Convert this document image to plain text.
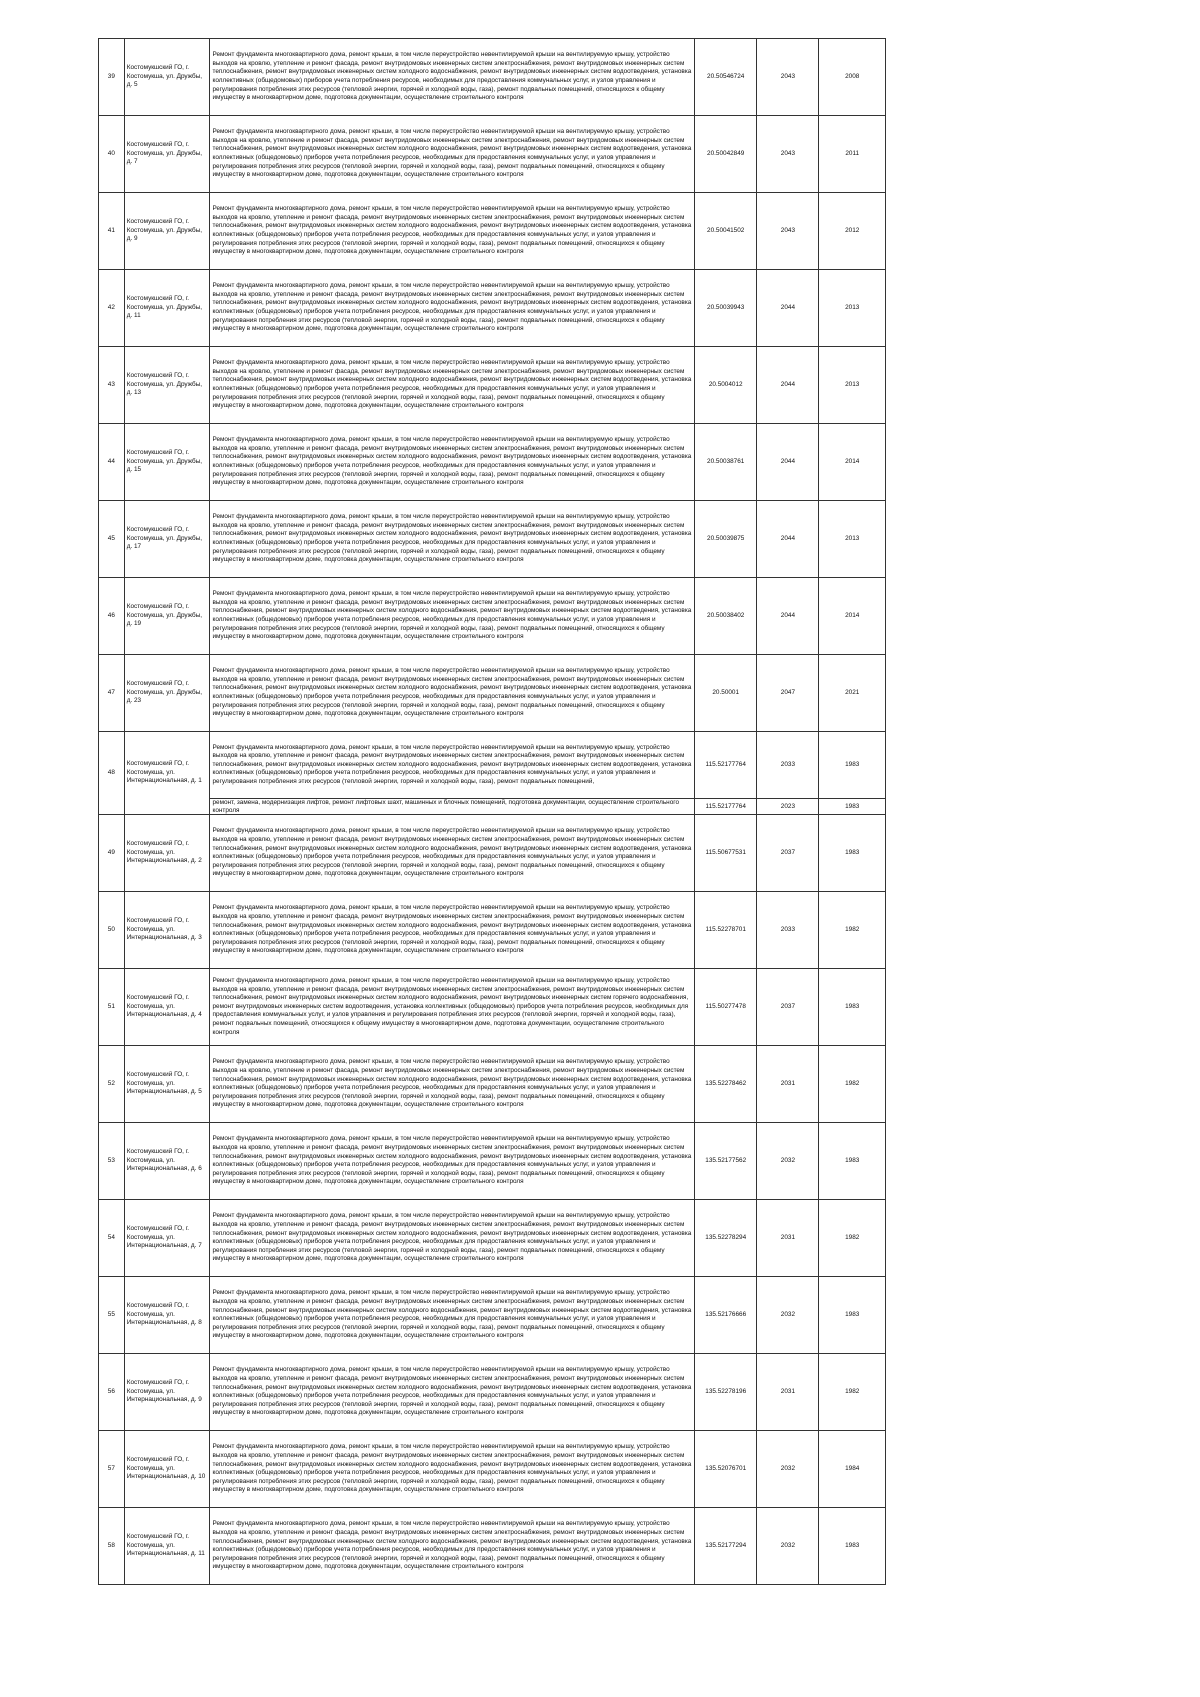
39	Костомукшский ГО, г. Костомукша, ул. Дружбы, д. 5	Ремонт фундамента многоквартирного дома, ремонт крыши, в том числе переустройство невентилируемой крыши на вентилируемую крышу, устройство выходов на кровлю, утепление и ремонт фасада, ремонт внутридомовых инженерных систем электроснабжения, ремонт внутридомовых инженерных систем теплоснабжения, ремонт внутридомовых инженерных систем холодного водоснабжения, ремонт внутридомовых инженерных систем водоотведения, установка коллективных (общедомовых) приборов учета потребления ресурсов, необходимых для предоставления коммунальных услуг, и узлов управления и регулирования потребления этих ресурсов (тепловой энергии, горячей и холодной воды, газа), ремонт подвальных помещений, относящихся к общему имуществу в многоквартирном доме, подготовка документации, осуществление строительного контроля	20.50546724	2043	2008
40	Костомукшский ГО, г. Костомукша, ул. Дружбы, д. 7	Ремонт фундамента многоквартирного дома, ремонт крыши, в том числе переустройство невентилируемой крыши на вентилируемую крышу, устройство выходов на кровлю, утепление и ремонт фасада, ремонт внутридомовых инженерных систем электроснабжения, ремонт внутридомовых инженерных систем теплоснабжения, ремонт внутридомовых инженерных систем холодного водоснабжения, ремонт внутридомовых инженерных систем водоотведения, установка коллективных (общедомовых) приборов учета потребления ресурсов, необходимых для предоставления коммунальных услуг, и узлов управления и регулирования потребления этих ресурсов (тепловой энергии, горячей и холодной воды, газа), ремонт подвальных помещений, относящихся к общему имуществу в многоквартирном доме, подготовка документации, осуществление строительного контроля	20.50042849	2043	2011
41	Костомукшский ГО, г. Костомукша, ул. Дружбы, д. 9	Ремонт фундамента многоквартирного дома, ремонт крыши, в том числе переустройство невентилируемой крыши на вентилируемую крышу, устройство выходов на кровлю, утепление и ремонт фасада, ремонт внутридомовых инженерных систем электроснабжения, ремонт внутридомовых инженерных систем теплоснабжения, ремонт внутридомовых инженерных систем холодного водоснабжения, ремонт внутридомовых инженерных систем водоотведения, установка коллективных (общедомовых) приборов учета потребления ресурсов, необходимых для предоставления коммунальных услуг, и узлов управления и регулирования потребления этих ресурсов (тепловой энергии, горячей и холодной воды, газа), ремонт подвальных помещений, относящихся к общему имуществу в многоквартирном доме, подготовка документации, осуществление строительного контроля	20.50041502	2043	2012
42	Костомукшский ГО, г. Костомукша, ул. Дружбы, д. 11	Ремонт фундамента многоквартирного дома, ремонт крыши, в том числе переустройство невентилируемой крыши на вентилируемую крышу, устройство выходов на кровлю, утепление и ремонт фасада, ремонт внутридомовых инженерных систем электроснабжения, ремонт внутридомовых инженерных систем теплоснабжения, ремонт внутридомовых инженерных систем холодного водоснабжения, ремонт внутридомовых инженерных систем водоотведения, установка коллективных (общедомовых) приборов учета потребления ресурсов, необходимых для предоставления коммунальных услуг, и узлов управления и регулирования потребления этих ресурсов (тепловой энергии, горячей и холодной воды, газа), ремонт подвальных помещений, относящихся к общему имуществу в многоквартирном доме, подготовка документации, осуществление строительного контроля	20.50039943	2044	2013
43	Костомукшский ГО, г. Костомукша, ул. Дружбы, д. 13	Ремонт фундамента многоквартирного дома, ремонт крыши, в том числе переустройство невентилируемой крыши на вентилируемую крышу, устройство выходов на кровлю, утепление и ремонт фасада, ремонт внутридомовых инженерных систем электроснабжения, ремонт внутридомовых инженерных систем теплоснабжения, ремонт внутридомовых инженерных систем холодного водоснабжения, ремонт внутридомовых инженерных систем водоотведения, установка коллективных (общедомовых) приборов учета потребления ресурсов, необходимых для предоставления коммунальных услуг, и узлов управления и регулирования потребления этих ресурсов (тепловой энергии, горячей и холодной воды, газа), ремонт подвальных помещений, относящихся к общему имуществу в многоквартирном доме, подготовка документации, осуществление строительного контроля	20.5004012	2044	2013
44	Костомукшский ГО, г. Костомукша, ул. Дружбы, д. 15	Ремонт фундамента многоквартирного дома, ремонт крыши, в том числе переустройство невентилируемой крыши на вентилируемую крышу, устройство выходов на кровлю, утепление и ремонт фасада, ремонт внутридомовых инженерных систем электроснабжения, ремонт внутридомовых инженерных систем теплоснабжения, ремонт внутридомовых инженерных систем холодного водоснабжения, ремонт внутридомовых инженерных систем водоотведения, установка коллективных (общедомовых) приборов учета потребления ресурсов, необходимых для предоставления коммунальных услуг, и узлов управления и регулирования потребления этих ресурсов (тепловой энергии, горячей и холодной воды, газа), ремонт подвальных помещений, относящихся к общему имуществу в многоквартирном доме, подготовка документации, осуществление строительного контроля	20.50038761	2044	2014
45	Костомукшский ГО, г. Костомукша, ул. Дружбы, д. 17	Ремонт фундамента многоквартирного дома, ремонт крыши, в том числе переустройство невентилируемой крыши на вентилируемую крышу, устройство выходов на кровлю, утепление и ремонт фасада, ремонт внутридомовых инженерных систем электроснабжения, ремонт внутридомовых инженерных систем теплоснабжения, ремонт внутридомовых инженерных систем холодного водоснабжения, ремонт внутридомовых инженерных систем водоотведения, установка коллективных (общедомовых) приборов учета потребления ресурсов, необходимых для предоставления коммунальных услуг, и узлов управления и регулирования потребления этих ресурсов (тепловой энергии, горячей и холодной воды, газа), ремонт подвальных помещений, относящихся к общему имуществу в многоквартирном доме, подготовка документации, осуществление строительного контроля	20.50039875	2044	2013
46	Костомукшский ГО, г. Костомукша, ул. Дружбы, д. 19	Ремонт фундамента многоквартирного дома, ремонт крыши, в том числе переустройство невентилируемой крыши на вентилируемую крышу, устройство выходов на кровлю, утепление и ремонт фасада, ремонт внутридомовых инженерных систем электроснабжения, ремонт внутридомовых инженерных систем теплоснабжения, ремонт внутридомовых инженерных систем холодного водоснабжения, ремонт внутридомовых инженерных систем водоотведения, установка коллективных (общедомовых) приборов учета потребления ресурсов, необходимых для предоставления коммунальных услуг, и узлов управления и регулирования потребления этих ресурсов (тепловой энергии, горячей и холодной воды, газа), ремонт подвальных помещений, относящихся к общему имуществу в многоквартирном доме, подготовка документации, осуществление строительного контроля	20.50038402	2044	2014
47	Костомукшский ГО, г. Костомукша, ул. Дружбы, д. 23	Ремонт фундамента многоквартирного дома, ремонт крыши, в том числе переустройство невентилируемой крыши на вентилируемую крышу, устройство выходов на кровлю, утепление и ремонт фасада, ремонт внутридомовых инженерных систем электроснабжения, ремонт внутридомовых инженерных систем теплоснабжения, ремонт внутридомовых инженерных систем холодного водоснабжения, ремонт внутридомовых инженерных систем водоотведения, установка коллективных (общедомовых) приборов учета потребления ресурсов, необходимых для предоставления коммунальных услуг, и узлов управления и регулирования потребления этих ресурсов (тепловой энергии, горячей и холодной воды, газа), ремонт подвальных помещений, относящихся к общему имуществу в многоквартирном доме, подготовка документации, осуществление строительного контроля	20.50001	2047	2021
48	Костомукшский ГО, г. Костомукша, ул. Интернациональная, д. 1	Ремонт фундамента многоквартирного дома, ремонт крыши, в том числе переустройство невентилируемой крыши на вентилируемую крышу, устройство выходов на кровлю, утепление и ремонт фасада, ремонт внутридомовых инженерных систем электроснабжения, ремонт внутридомовых инженерных систем теплоснабжения, ремонт внутридомовых инженерных систем холодного водоснабжения, ремонт внутридомовых инженерных систем водоотведения, установка коллективных (общедомовых) приборов учета потребления ресурсов, необходимых для предоставления коммунальных услуг, и узлов управления и регулирования потребления этих ресурсов (тепловой энергии, горячей и холодной воды, газа), ремонт подвальных помещений,	115.52177764	2033	1983
		ремонт, замена, модернизация лифтов, ремонт лифтовых шахт, машинных и блочных помещений, подготовка документации, осуществление строительного контроля	115.52177764	2023	1983
49	Костомукшский ГО, г. Костомукша, ул. Интернациональная, д. 2	Ремонт фундамента многоквартирного дома, ремонт крыши, в том числе переустройство невентилируемой крыши на вентилируемую крышу, устройство выходов на кровлю, утепление и ремонт фасада, ремонт внутридомовых инженерных систем электроснабжения, ремонт внутридомовых инженерных систем теплоснабжения, ремонт внутридомовых инженерных систем холодного водоснабжения, ремонт внутридомовых инженерных систем водоотведения, установка коллективных (общедомовых) приборов учета потребления ресурсов, необходимых для предоставления коммунальных услуг, и узлов управления и регулирования потребления этих ресурсов (тепловой энергии, горячей и холодной воды, газа), ремонт подвальных помещений, относящихся к общему имуществу в многоквартирном доме, подготовка документации, осуществление строительного контроля	115.50677531	2037	1983
50	Костомукшский ГО, г. Костомукша, ул. Интернациональная, д. 3	Ремонт фундамента многоквартирного дома, ремонт крыши, в том числе переустройство невентилируемой крыши на вентилируемую крышу, устройство выходов на кровлю, утепление и ремонт фасада, ремонт внутридомовых инженерных систем электроснабжения, ремонт внутридомовых инженерных систем теплоснабжения, ремонт внутридомовых инженерных систем холодного водоснабжения, ремонт внутридомовых инженерных систем водоотведения, установка коллективных (общедомовых) приборов учета потребления ресурсов, необходимых для предоставления коммунальных услуг, и узлов управления и регулирования потребления этих ресурсов (тепловой энергии, горячей и холодной воды, газа), ремонт подвальных помещений, относящихся к общему имуществу в многоквартирном доме, подготовка документации, осуществление строительного контроля	115.52278701	2033	1982
51	Костомукшский ГО, г. Костомукша, ул. Интернациональная, д. 4	Ремонт фундамента многоквартирного дома, ремонт крыши, в том числе переустройство невентилируемой крыши на вентилируемую крышу, устройство выходов на кровлю, утепление и ремонт фасада, ремонт внутридомовых инженерных систем электроснабжения, ремонт внутридомовых инженерных систем теплоснабжения, ремонт внутридомовых инженерных систем холодного водоснабжения, ремонт внутридомовых инженерных систем горячего водоснабжения, ремонт внутридомовых инженерных систем водоотведения, установка коллективных (общедомовых) приборов учета потребления ресурсов, необходимых для предоставления коммунальных услуг, и узлов управления и регулирования потребления этих ресурсов (тепловой энергии, горячей и холодной воды, газа), ремонт подвальных помещений, относящихся к общему имуществу в многоквартирном доме, подготовка документации, осуществление строительного контроля	115.50277478	2037	1983
52	Костомукшский ГО, г. Костомукша, ул. Интернациональная, д. 5	Ремонт фундамента многоквартирного дома, ремонт крыши, в том числе переустройство невентилируемой крыши на вентилируемую крышу, устройство выходов на кровлю, утепление и ремонт фасада, ремонт внутридомовых инженерных систем электроснабжения, ремонт внутридомовых инженерных систем теплоснабжения, ремонт внутридомовых инженерных систем холодного водоснабжения, ремонт внутридомовых инженерных систем водоотведения, установка коллективных (общедомовых) приборов учета потребления ресурсов, необходимых для предоставления коммунальных услуг, и узлов управления и регулирования потребления этих ресурсов (тепловой энергии, горячей и холодной воды, газа), ремонт подвальных помещений, относящихся к общему имуществу в многоквартирном доме, подготовка документации, осуществление строительного контроля	135.52278462	2031	1982
53	Костомукшский ГО, г. Костомукша, ул. Интернациональная, д. 6	Ремонт фундамента многоквартирного дома, ремонт крыши, в том числе переустройство невентилируемой крыши на вентилируемую крышу, устройство выходов на кровлю, утепление и ремонт фасада, ремонт внутридомовых инженерных систем электроснабжения, ремонт внутридомовых инженерных систем теплоснабжения, ремонт внутридомовых инженерных систем холодного водоснабжения, ремонт внутридомовых инженерных систем водоотведения, установка коллективных (общедомовых) приборов учета потребления ресурсов, необходимых для предоставления коммунальных услуг, и узлов управления и регулирования потребления этих ресурсов (тепловой энергии, горячей и холодной воды, газа), ремонт подвальных помещений, относящихся к общему имуществу в многоквартирном доме, подготовка документации, осуществление строительного контроля	135.52177562	2032	1983
54	Костомукшский ГО, г. Костомукша, ул. Интернациональная, д. 7	Ремонт фундамента многоквартирного дома, ремонт крыши, в том числе переустройство невентилируемой крыши на вентилируемую крышу, устройство выходов на кровлю, утепление и ремонт фасада, ремонт внутридомовых инженерных систем электроснабжения, ремонт внутридомовых инженерных систем теплоснабжения, ремонт внутридомовых инженерных систем холодного водоснабжения, ремонт внутридомовых инженерных систем водоотведения, установка коллективных (общедомовых) приборов учета потребления ресурсов, необходимых для предоставления коммунальных услуг, и узлов управления и регулирования потребления этих ресурсов (тепловой энергии, горячей и холодной воды, газа), ремонт подвальных помещений, относящихся к общему имуществу в многоквартирном доме, подготовка документации, осуществление строительного контроля	135.52278294	2031	1982
55	Костомукшский ГО, г. Костомукша, ул. Интернациональная, д. 8	Ремонт фундамента многоквартирного дома, ремонт крыши, в том числе переустройство невентилируемой крыши на вентилируемую крышу, устройство выходов на кровлю, утепление и ремонт фасада, ремонт внутридомовых инженерных систем электроснабжения, ремонт внутридомовых инженерных систем теплоснабжения, ремонт внутридомовых инженерных систем холодного водоснабжения, ремонт внутридомовых инженерных систем водоотведения, установка коллективных (общедомовых) приборов учета потребления ресурсов, необходимых для предоставления коммунальных услуг, и узлов управления и регулирования потребления этих ресурсов (тепловой энергии, горячей и холодной воды, газа), ремонт подвальных помещений, относящихся к общему имуществу в многоквартирном доме, подготовка документации, осуществление строительного контроля	135.52176666	2032	1983
56	Костомукшский ГО, г. Костомукша, ул. Интернациональная, д. 9	Ремонт фундамента многоквартирного дома, ремонт крыши, в том числе переустройство невентилируемой крыши на вентилируемую крышу, устройство выходов на кровлю, утепление и ремонт фасада, ремонт внутридомовых инженерных систем электроснабжения, ремонт внутридомовых инженерных систем теплоснабжения, ремонт внутридомовых инженерных систем холодного водоснабжения, ремонт внутридомовых инженерных систем водоотведения, установка коллективных (общедомовых) приборов учета потребления ресурсов, необходимых для предоставления коммунальных услуг, и узлов управления и регулирования потребления этих ресурсов (тепловой энергии, горячей и холодной воды, газа), ремонт подвальных помещений, относящихся к общему имуществу в многоквартирном доме, подготовка документации, осуществление строительного контроля	135.52278196	2031	1982
57	Костомукшский ГО, г. Костомукша, ул. Интернациональная, д. 10	Ремонт фундамента многоквартирного дома, ремонт крыши, в том числе переустройство невентилируемой крыши на вентилируемую крышу, устройство выходов на кровлю, утепление и ремонт фасада, ремонт внутридомовых инженерных систем электроснабжения, ремонт внутридомовых инженерных систем теплоснабжения, ремонт внутридомовых инженерных систем холодного водоснабжения, ремонт внутридомовых инженерных систем водоотведения, установка коллективных (общедомовых) приборов учета потребления ресурсов, необходимых для предоставления коммунальных услуг, и узлов управления и регулирования потребления этих ресурсов (тепловой энергии, горячей и холодной воды, газа), ремонт подвальных помещений, относящихся к общему имуществу в многоквартирном доме, подготовка документации, осуществление строительного контроля	135.52076701	2032	1984
58	Костомукшский ГО, г. Костомукша, ул. Интернациональная, д. 11	Ремонт фундамента многоквартирного дома, ремонт крыши, в том числе переустройство невентилируемой крыши на вентилируемую крышу, устройство выходов на кровлю, утепление и ремонт фасада, ремонт внутридомовых инженерных систем электроснабжения, ремонт внутридомовых инженерных систем теплоснабжения, ремонт внутридомовых инженерных систем холодного водоснабжения, ремонт внутридомовых инженерных систем водоотведения, установка коллективных (общедомовых) приборов учета потребления ресурсов, необходимых для предоставления коммунальных услуг, и узлов управления и регулирования потребления этих ресурсов (тепловой энергии, горячей и холодной воды, газа), ремонт подвальных помещений, относящихся к общему имуществу в многоквартирном доме, подготовка документации, осуществление строительного контроля	135.52177294	2032	1983
